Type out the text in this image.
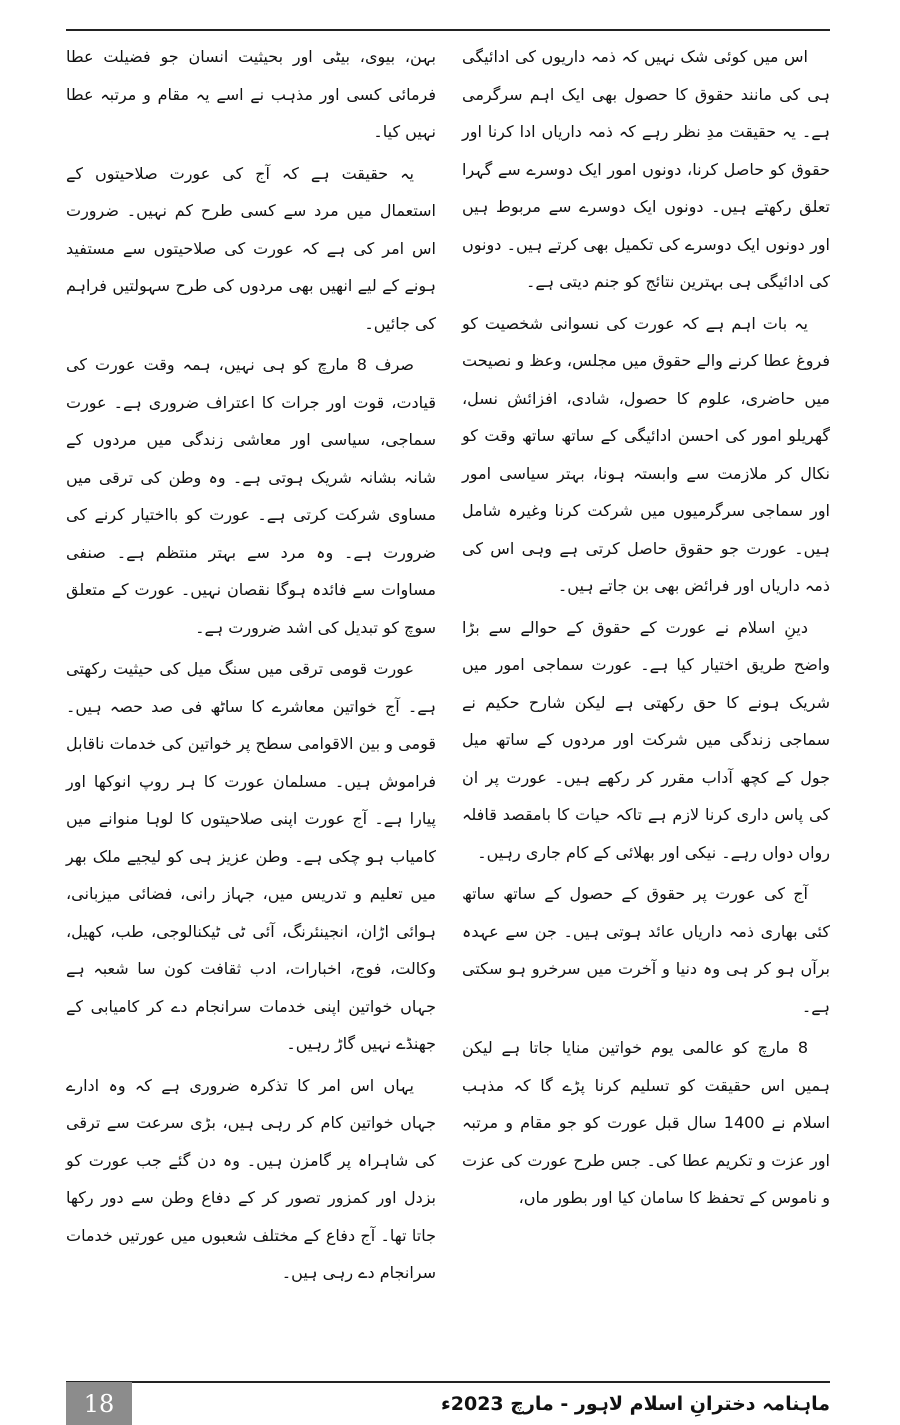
اس میں کوئی شک نہیں کہ ذمہ داریوں کی ادائیگی ہی کی مانند حقوق کا حصول بھی ایک اہم سرگرمی ہے۔ یہ حقیقت مدِ نظر رہے کہ ذمہ داریاں ادا کرنا اور حقوق کو حاصل کرنا، دونوں امور ایک دوسرے سے گہرا تعلق رکھتے ہیں۔ دونوں ایک دوسرے سے مربوط ہیں اور دونوں ایک دوسرے کی تکمیل بھی کرتے ہیں۔ دونوں کی ادائیگی ہی بہترین نتائج کو جنم دیتی ہے۔

یہ بات اہم ہے کہ عورت کی نسوانی شخصیت کو فروغ عطا کرنے والے حقوق میں مجلس، وعظ و نصیحت میں حاضری، علوم کا حصول، شادی، افزائش نسل، گھریلو امور کی احسن ادائیگی کے ساتھ ساتھ وقت کو نکال کر ملازمت سے وابستہ ہونا، بہتر سیاسی امور اور سماجی سرگرمیوں میں شرکت کرنا وغیرہ شامل ہیں۔ عورت جو حقوق حاصل کرتی ہے وہی اس کی ذمہ داریاں اور فرائض بھی بن جاتے ہیں۔

دینِ اسلام نے عورت کے حقوق کے حوالے سے بڑا واضح طریق اختیار کیا ہے۔ عورت سماجی امور میں شریک ہونے کا حق رکھتی ہے لیکن شارح حکیم نے سماجی زندگی میں شرکت اور مردوں کے ساتھ میل جول کے کچھ آداب مقرر کر رکھے ہیں۔ عورت پر ان کی پاس داری کرنا لازم ہے تاکہ حیات کا بامقصد قافلہ رواں دواں رہے۔ نیکی اور بھلائی کے کام جاری رہیں۔

آج کی عورت پر حقوق کے حصول کے ساتھ ساتھ کئی بھاری ذمہ داریاں عائد ہوتی ہیں۔ جن سے عہدہ برآں ہو کر ہی وہ دنیا و آخرت میں سرخرو ہو سکتی ہے۔

8 مارچ کو عالمی یوم خواتین منایا جاتا ہے لیکن ہمیں اس حقیقت کو تسلیم کرنا پڑے گا کہ مذہب اسلام نے 1400 سال قبل عورت کو جو مقام و مرتبہ اور عزت و تکریم عطا کی۔ جس طرح عورت کی عزت و ناموس کے تحفظ کا سامان کیا اور بطور ماں،

بہن، بیوی، بیٹی اور بحیثیت انسان جو فضیلت عطا فرمائی کسی اور مذہب نے اسے یہ مقام و مرتبہ عطا نہیں کیا۔

یہ حقیقت ہے کہ آج کی عورت صلاحیتوں کے استعمال میں مرد سے کسی طرح کم نہیں۔ ضرورت اس امر کی ہے کہ عورت کی صلاحیتوں سے مستفید ہونے کے لیے انھیں بھی مردوں کی طرح سہولتیں فراہم کی جائیں۔

صرف 8 مارچ کو ہی نہیں، ہمہ وقت عورت کی قیادت، قوت اور جرات کا اعتراف ضروری ہے۔ عورت سماجی، سیاسی اور معاشی زندگی میں مردوں کے شانہ بشانہ شریک ہوتی ہے۔ وہ وطن کی ترقی میں مساوی شرکت کرتی ہے۔ عورت کو بااختیار کرنے کی ضرورت ہے۔ وہ مرد سے بہتر منتظم ہے۔ صنفی مساوات سے فائدہ ہوگا نقصان نہیں۔ عورت کے متعلق سوچ کو تبدیل کی اشد ضرورت ہے۔

عورت قومی ترقی میں سنگ میل کی حیثیت رکھتی ہے۔ آج خواتین معاشرے کا ساٹھ فی صد حصہ ہیں۔ قومی و بین الاقوامی سطح پر خواتین کی خدمات ناقابل فراموش ہیں۔ مسلمان عورت کا ہر روپ انوکھا اور پیارا ہے۔ آج عورت اپنی صلاحیتوں کا لوہا منوانے میں کامیاب ہو چکی ہے۔ وطن عزیز ہی کو لیجیے ملک بھر میں تعلیم و تدریس میں، جہاز رانی، فضائی میزبانی، ہوائی اڑان، انجینئرنگ، آئی ٹی ٹیکنالوجی، طب، کھیل، وکالت، فوج، اخبارات، ادب ثقافت کون سا شعبہ ہے جہاں خواتین اپنی خدمات سرانجام دے کر کامیابی کے جھنڈے نہیں گاڑ رہیں۔

یہاں اس امر کا تذکرہ ضروری ہے کہ وہ ادارے جہاں خواتین کام کر رہی ہیں، بڑی سرعت سے ترقی کی شاہراہ پر گامزن ہیں۔ وہ دن گئے جب عورت کو بزدل اور کمزور تصور کر کے دفاع وطن سے دور رکھا جاتا تھا۔ آج دفاع کے مختلف شعبوں میں عورتیں خدمات سرانجام دے رہی ہیں۔

18	ماہنامہ دخترانِ اسلام لاہور - مارچ 2023ء
